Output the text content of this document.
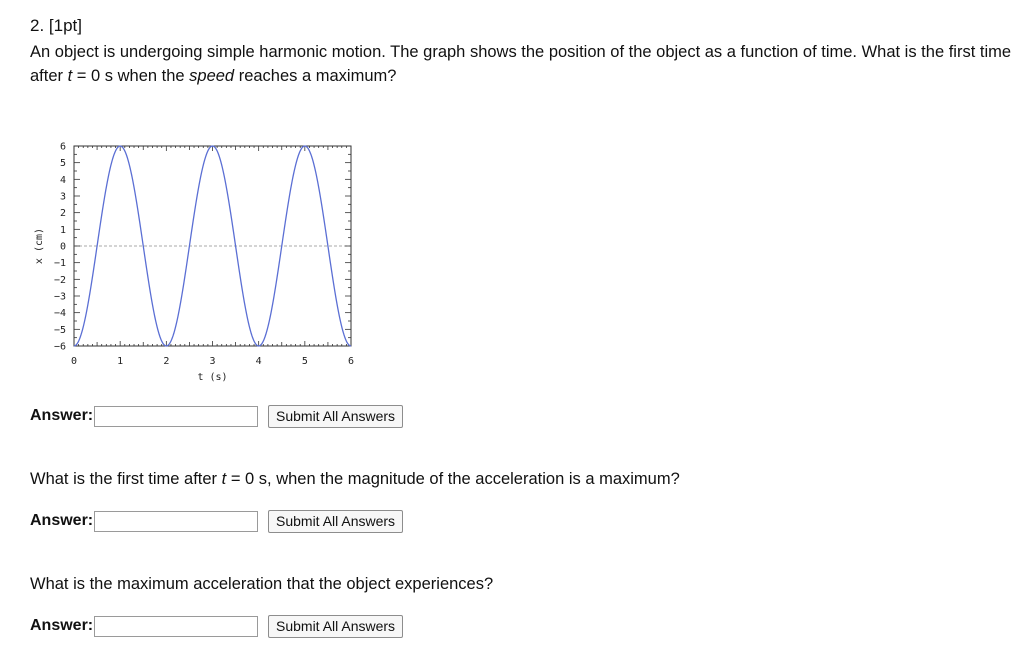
2. [1pt]
An object is undergoing simple harmonic motion. The graph shows the position of the object as a function of time. What is the first time after t = 0 s when the speed reaches a maximum?
0	1	2	3	4	5	6
6
5
4
3
2
1
0
−1
−2
−3
−4
−5
−6
t (s)
x (cm)
Answer:	Submit All Answers
What is the first time after t = 0 s, when the magnitude of the acceleration is a maximum?
Answer:	Submit All Answers
What is the maximum acceleration that the object experiences?
Answer:	Submit All Answers
